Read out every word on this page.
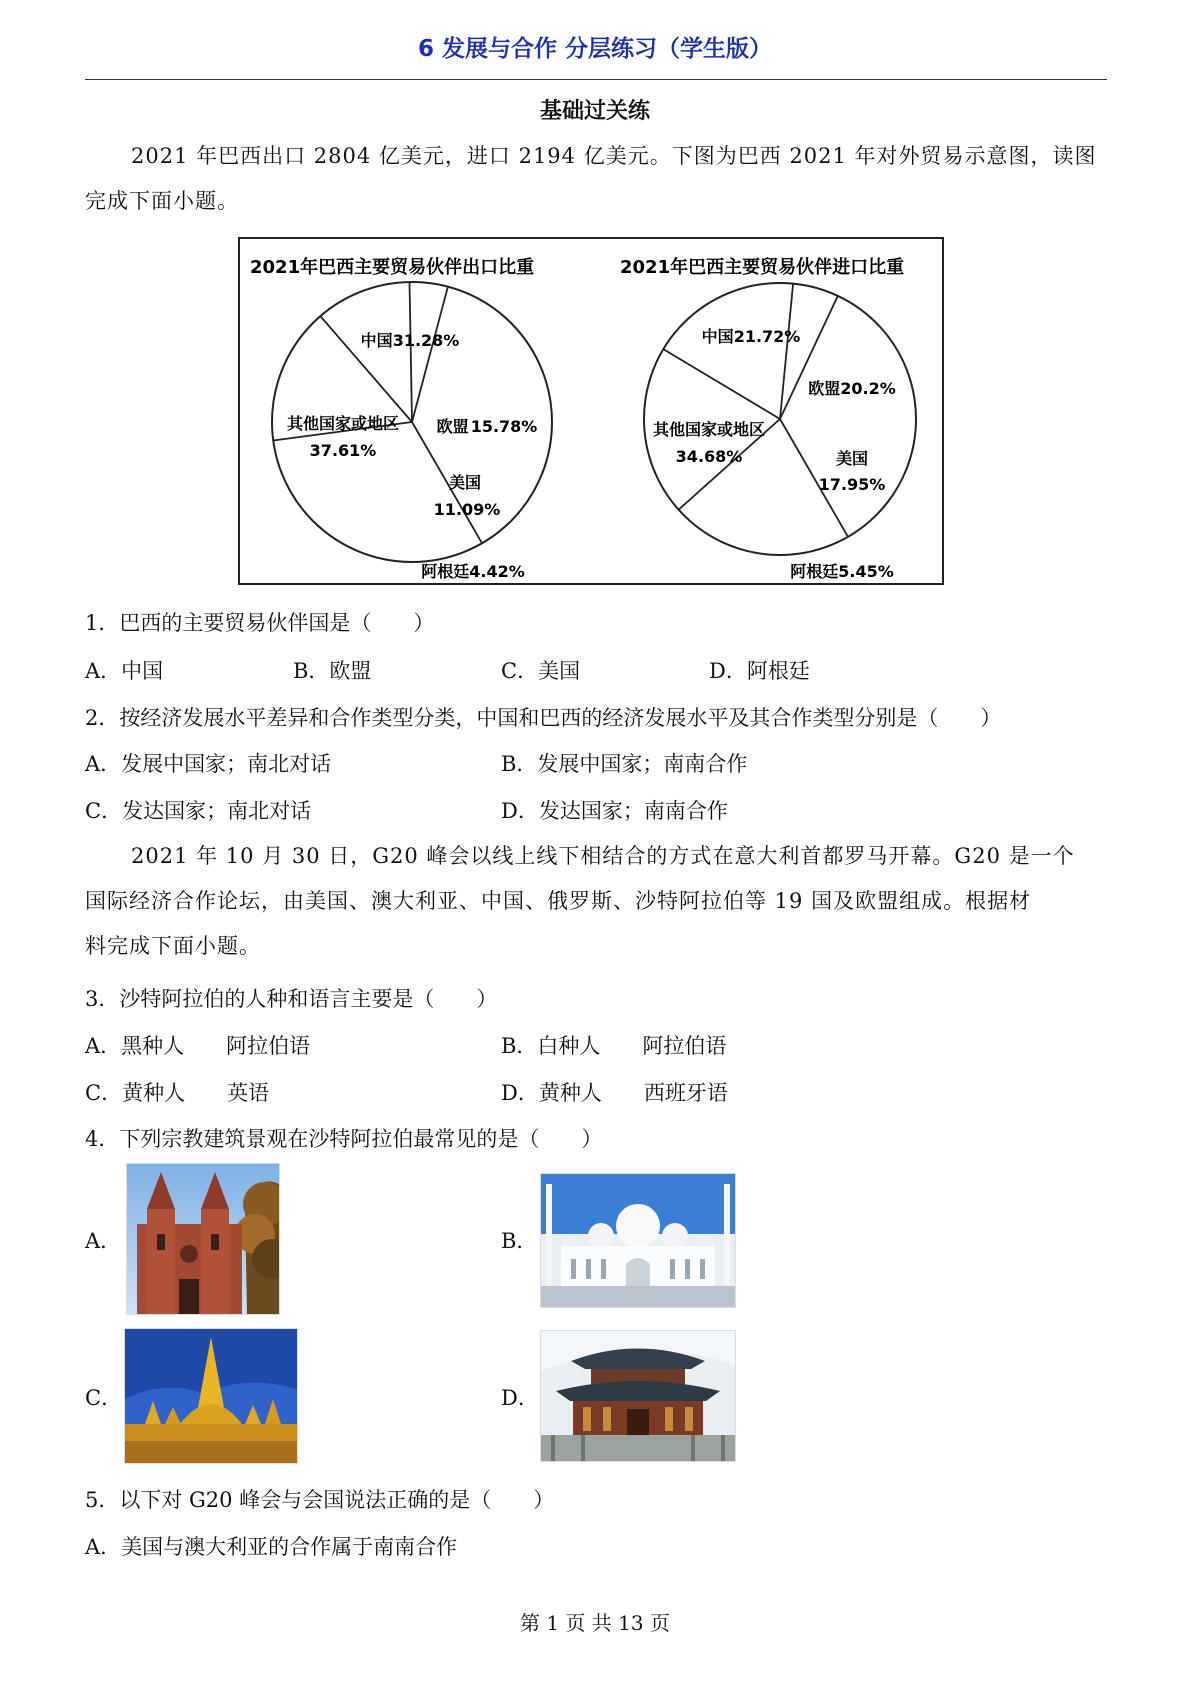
6 发展与合作 分层练习（学生版）
基础过关练
2021 年巴西出口 2804 亿美元，进口 2194 亿美元。下图为巴西 2021 年对外贸易示意图，读图
完成下面小题。
2021年巴西主要贸易伙伴出口比重	2021年巴西主要贸易伙伴进口比重
中国31.28%
欧盟 15.78%
美国
11.09%
阿根廷4.42%
其他国家或地区
37.61%
中国21.72%
欧盟20.2%
美国
17.95%
阿根廷5.45%
其他国家或地区
34.68%
1．巴西的主要贸易伙伴国是（　　）
A．中国	B．欧盟	C．美国	D．阿根廷
2．按经济发展水平差异和合作类型分类，中国和巴西的经济发展水平及其合作类型分别是（　　）
A．发展中国家；南北对话	B．发展中国家；南南合作
C．发达国家；南北对话	D．发达国家；南南合作
2021 年 10 月 30 日，G20 峰会以线上线下相结合的方式在意大利首都罗马开幕。G20 是一个
国际经济合作论坛，由美国、澳大利亚、中国、俄罗斯、沙特阿拉伯等 19 国及欧盟组成。根据材
料完成下面小题。
3．沙特阿拉伯的人种和语言主要是（　　）
A．黑种人　　阿拉伯语	B．白种人　　阿拉伯语
C．黄种人　　英语	D．黄种人　　西班牙语
4．下列宗教建筑景观在沙特阿拉伯最常见的是（　　）
A．	B．
C．	D．
5．以下对 G20 峰会与会国说法正确的是（　　）
A．美国与澳大利亚的合作属于南南合作
第 1 页 共 13 页
